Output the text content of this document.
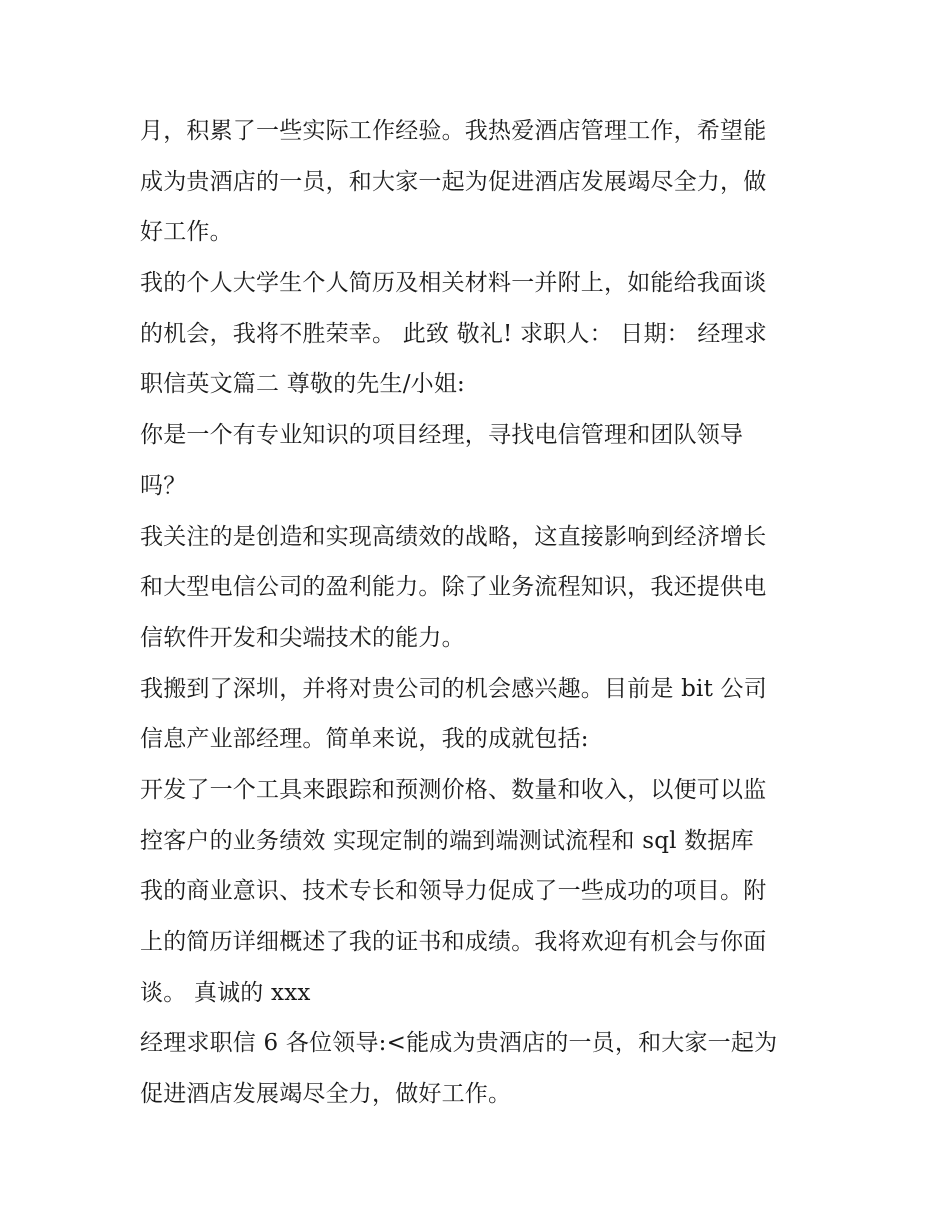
月，积累了一些实际工作经验。我热爱酒店管理工作，希望能
成为贵酒店的一员，和大家一起为促进酒店发展竭尽全力，做
好工作。
我的个人大学生个人简历及相关材料一并附上，如能给我面谈
的机会，我将不胜荣幸。 此致 敬礼! 求职人： 日期： 经理求
职信英文篇二 尊敬的先生/小姐:
你是一个有专业知识的项目经理，寻找电信管理和团队领导
吗？
我关注的是创造和实现高绩效的战略，这直接影响到经济增长
和大型电信公司的盈利能力。除了业务流程知识，我还提供电
信软件开发和尖端技术的能力。
我搬到了深圳，并将对贵公司的机会感兴趣。目前是 bit 公司
信息产业部经理。简单来说，我的成就包括:
开发了一个工具来跟踪和预测价格、数量和收入，以便可以监
控客户的业务绩效 实现定制的端到端测试流程和 sql 数据库
我的商业意识、技术专长和领导力促成了一些成功的项目。附
上的简历详细概述了我的证书和成绩。我将欢迎有机会与你面
谈。 真诚的 xxx
经理求职信 6 各位领导:<能成为贵酒店的一员，和大家一起为
促进酒店发展竭尽全力，做好工作。
